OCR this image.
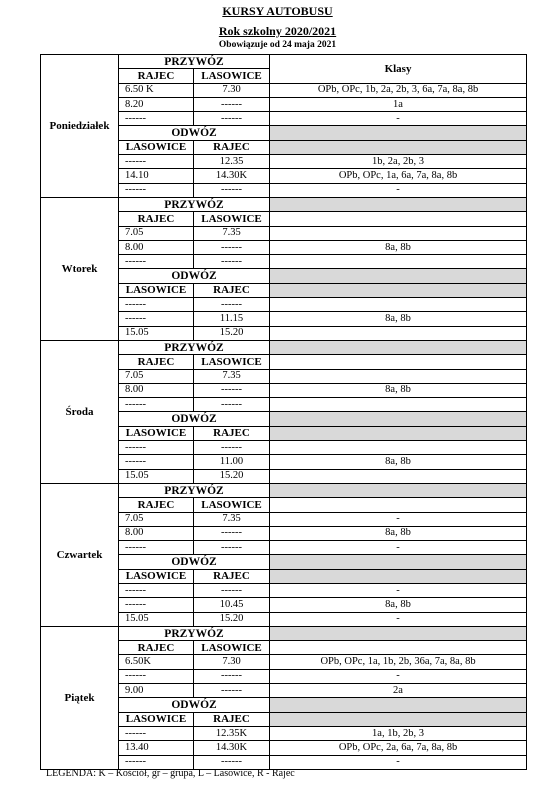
KURSY AUTOBUSU
Rok szkolny 2020/2021
Obowiązuje od 24 maja 2021
Poniedziałek	PRZYWÓZ		Klasy
	RAJEC	LASOWICE	
	6.50 K	7.30	OPb, OPc, 1b, 2a, 2b, 3, 6a, 7a, 8a, 8b
	8.20	------	1a
	------	------	-
	ODWÓZ		
	LASOWICE	RAJEC	
	------	12.35	1b, 2a, 2b, 3
	14.10	14.30K	OPb, OPc, 1a, 6a, 7a, 8a, 8b
	------	------	-
Wtorek	PRZYWÓZ		
	RAJEC	LASOWICE	
	7.05	7.35	
	8.00	------	8a, 8b
	------	------	
	ODWÓZ		
	LASOWICE	RAJEC	
	------	------	
	------	11.15	8a, 8b
	15.05	15.20	
Środa	PRZYWÓZ		
	RAJEC	LASOWICE	
	7.05	7.35	
	8.00	------	8a, 8b
	------	------	
	ODWÓZ		
	LASOWICE	RAJEC	
	------	------	
	------	11.00	8a, 8b
	15.05	15.20	
Czwartek	PRZYWÓZ		
	RAJEC	LASOWICE	
	7.05	7.35	-
	8.00	------	8a, 8b
	------	------	-
	ODWÓZ		
	LASOWICE	RAJEC	
	------	------	-
	------	10.45	8a, 8b
	15.05	15.20	-
Piątek	PRZYWÓZ		
	RAJEC	LASOWICE	
	6.50K	7.30	OPb, OPc, 1a, 1b, 2b, 36a, 7a, 8a, 8b
	------	------	-
	9.00	------	2a
	ODWÓZ		
	LASOWICE	RAJEC	
	------	12.35K	1a, 1b, 2b, 3
	13.40	14.30K	OPb, OPc, 2a, 6a, 7a, 8a, 8b
	------	------	-
LEGENDA: K – Kościół, gr – grupa, L – Lasowice, R - Rajec
